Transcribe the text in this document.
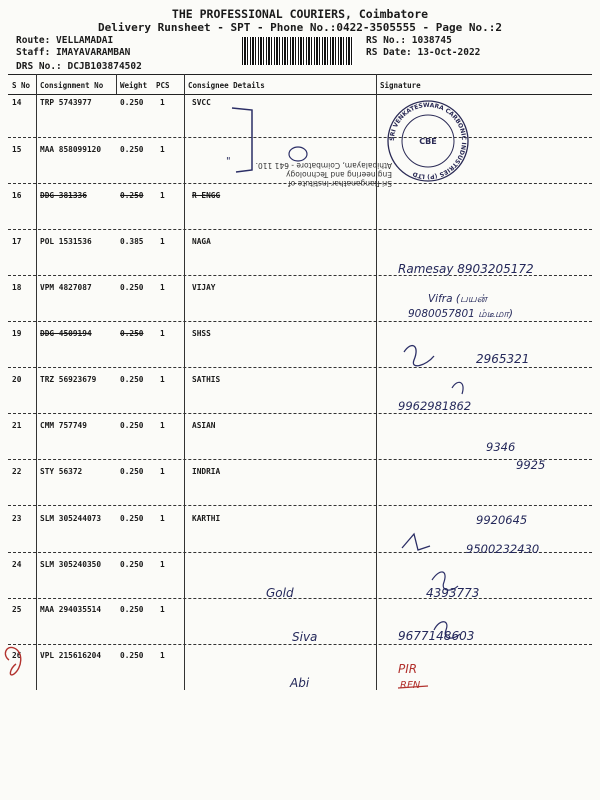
THE PROFESSIONAL COURIERS, Coimbatore
Delivery Runsheet - SPT - Phone No.:0422-3505555 - Page No.:2
Route: VELLAMADAI
Staff: IMAYAVARAMBAN
DRS No.: DCJB103874502
RS No.: 1038745
RS Date: 13-Oct-2022
S No Consignment No Weight PCS Consignee Details	Signature
14 TRP 5743977	0.250 1	SVCC
15 MAA 858099120 0.250 1
16 DDG 381336	0.250 1	R ENGG
17 POL 1531536	0.385 1	NAGA
18 VPM 4827087	0.250 1	VIJAY
19 DDG 4509194	0.250 1	SHSS
20 TRZ 56923679	0.250 1	SATHIS
21 CMM 757749	0.250 1	ASIAN
22 STY 56372	0.250 1	INDRIA
23 SLM 305244073 0.250 1	KARTHI
24 SLM 305240350 0.250 1
25 MAA 294035514 0.250 1
26 VPL 215616204 0.250 1
"
SRI VENKATESWARA CARBONIC INDUSTRIES (P) LTD
CBE
Sri Ranganathar Institute of
Engineering and Technology
Athipalayam, Coimbatore - 641 110.
Ramesay 8903205172
Vifra (பயன்
9080057801 ம்டீமா)
2965321
9962981862
9346
9925
9920645
9500232430
4393773
9677148603
Gold
Siva
Abi
PIR
RFN
